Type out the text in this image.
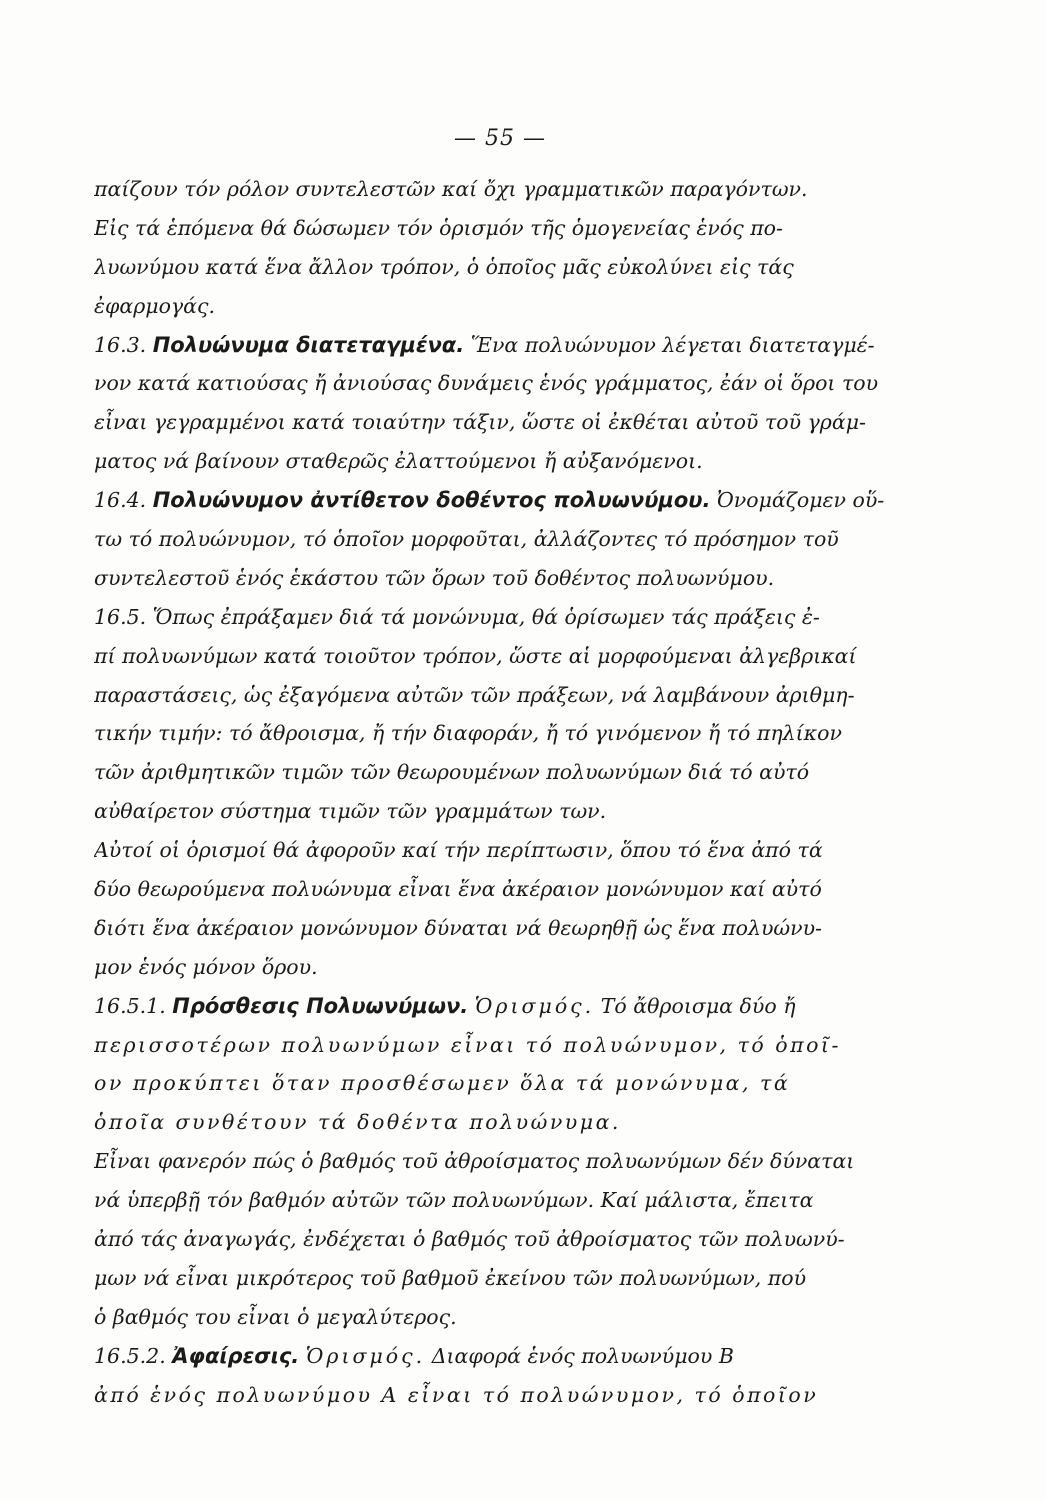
— 55 —
παίζουν τόν ρόλον συντελεστῶν καί ὄχι γραμματικῶν παραγόντων.
Εἰς τά ἑπόμενα θά δώσωμεν τόν ὁρισμόν τῆς ὁμογενείας ἑνός πο-
λυωνύμου κατά ἕνα ἄλλον τρόπον, ὁ ὁποῖος μᾶς εὐκολύνει εἰς τάς
ἐφαρμογάς.
16.3. Πολυώνυμα διατεταγμένα. Ἕνα πολυώνυμον λέγεται διατεταγμέ-
νον κατά κατιούσας ἤ ἀνιούσας δυνάμεις ἑνός γράμματος, ἐάν οἱ ὅροι του
εἶναι γεγραμμένοι κατά τοιαύτην τάξιν, ὥστε οἱ ἐκθέται αὐτοῦ τοῦ γράμ-
ματος νά βαίνουν σταθερῶς ἐλαττούμενοι ἤ αὐξανόμενοι.
16.4. Πολυώνυμον ἀντίθετον δοθέντος πολυωνύμου. Ὀνομάζομεν οὕ-
τω τό πολυώνυμον, τό ὁποῖον μορφοῦται, ἀλλάζοντες τό πρόσημον τοῦ
συντελεστοῦ ἑνός ἑκάστου τῶν ὅρων τοῦ δοθέντος πολυωνύμου.
16.5. Ὅπως ἐπράξαμεν διά τά μονώνυμα, θά ὁρίσωμεν τάς πράξεις ἐ-
πί πολυωνύμων κατά τοιοῦτον τρόπον, ὥστε αἱ μορφούμεναι ἀλγεβρικαί
παραστάσεις, ὡς ἐξαγόμενα αὐτῶν τῶν πράξεων, νά λαμβάνουν ἀριθμη-
τικήν τιμήν: τό ἄθροισμα, ἤ τήν διαφοράν, ἤ τό γινόμενον ἤ τό πηλίκον
τῶν ἀριθμητικῶν τιμῶν τῶν θεωρουμένων πολυωνύμων διά τό αὐτό
αὐθαίρετον σύστημα τιμῶν τῶν γραμμάτων των.
Αὐτοί οἱ ὁρισμοί θά ἀφοροῦν καί τήν περίπτωσιν, ὅπου τό ἕνα ἀπό τά
δύο θεωρούμενα πολυώνυμα εἶναι ἕνα ἀκέραιον μονώνυμον καί αὐτό
διότι ἕνα ἀκέραιον μονώνυμον δύναται νά θεωρηθῇ ὡς ἕνα πολυώνυ-
μον ἑνός μόνον ὅρου.
16.5.1. Πρόσθεσις Πολυωνύμων. Ὁρισμός. Τό ἄθροισμα δύο ἤ
περισσοτέρων πολυωνύμων εἶναι τό πολυώνυμον, τό ὁποῖ-
ον προκύπτει ὅταν προσθέσωμεν ὅλα τά μονώνυμα, τά
ὁποῖα συνθέτουν τά δοθέντα πολυώνυμα.
Εἶναι φανερόν πώς ὁ βαθμός τοῦ ἀθροίσματος πολυωνύμων δέν δύναται
νά ὑπερβῇ τόν βαθμόν αὐτῶν τῶν πολυωνύμων. Καί μάλιστα, ἔπειτα
ἀπό τάς ἀναγωγάς, ἐνδέχεται ὁ βαθμός τοῦ ἀθροίσματος τῶν πολυωνύ-
μων νά εἶναι μικρότερος τοῦ βαθμοῦ ἐκείνου τῶν πολυωνύμων, πού
ὁ βαθμός του εἶναι ὁ μεγαλύτερος.
16.5.2. Ἀφαίρεσις. Ὁρισμός. Διαφορά ἑνός πολυωνύμου Β
ἀπό ἑνός πολυωνύμου Α εἶναι τό πολυώνυμον, τό ὁποῖον
